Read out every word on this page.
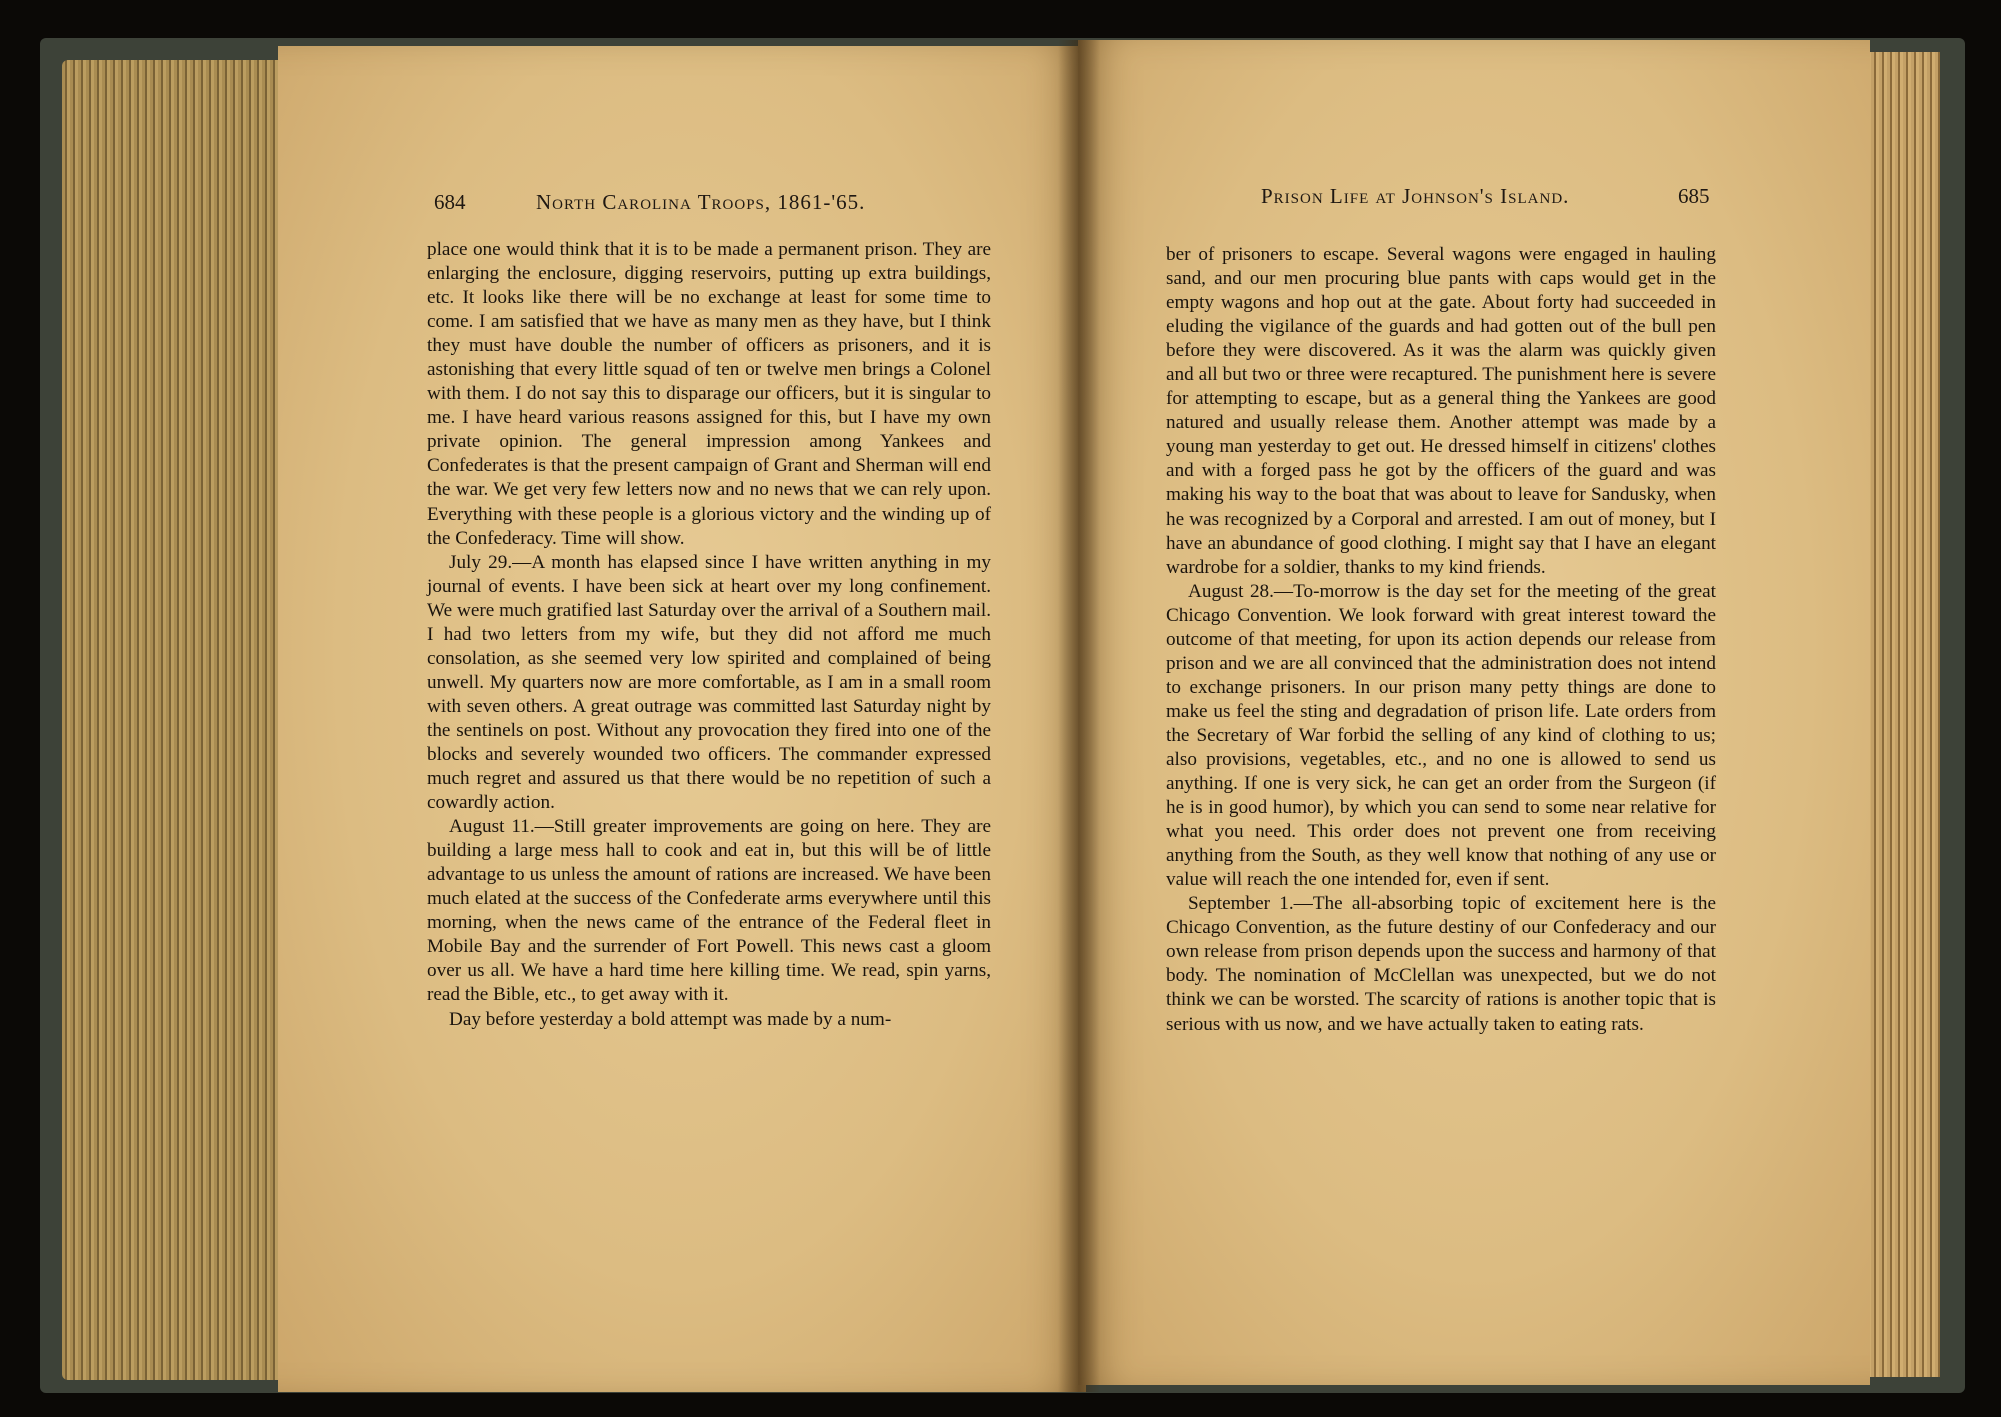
684	North Carolina Troops, 1861-'65.

place one would think that it is to be made a permanent prison. They are enlarging the enclosure, digging reservoirs, putting up extra buildings, etc. It looks like there will be no exchange at least for some time to come. I am satisfied that we have as many men as they have, but I think they must have double the number of officers as prisoners, and it is astonishing that every little squad of ten or twelve men brings a Colonel with them. I do not say this to disparage our officers, but it is singular to me. I have heard various reasons assigned for this, but I have my own private opinion. The general impression among Yankees and Confederates is that the present campaign of Grant and Sherman will end the war. We get very few letters now and no news that we can rely upon. Everything with these people is a glorious victory and the winding up of the Confederacy. Time will show.

July 29.—A month has elapsed since I have written anything in my journal of events. I have been sick at heart over my long confinement. We were much gratified last Saturday over the arrival of a Southern mail. I had two letters from my wife, but they did not afford me much consolation, as she seemed very low spirited and complained of being unwell. My quarters now are more comfortable, as I am in a small room with seven others. A great outrage was committed last Saturday night by the sentinels on post. Without any provocation they fired into one of the blocks and severely wounded two officers. The commander expressed much regret and assured us that there would be no repetition of such a cowardly action.

August 11.—Still greater improvements are going on here. They are building a large mess hall to cook and eat in, but this will be of little advantage to us unless the amount of rations are increased. We have been much elated at the success of the Confederate arms everywhere until this morning, when the news came of the entrance of the Federal fleet in Mobile Bay and the surrender of Fort Powell. This news cast a gloom over us all. We have a hard time here killing time. We read, spin yarns, read the Bible, etc., to get away with it.

Day before yesterday a bold attempt was made by a num-

Prison Life at Johnson's Island.	685

ber of prisoners to escape. Several wagons were engaged in hauling sand, and our men procuring blue pants with caps would get in the empty wagons and hop out at the gate. About forty had succeeded in eluding the vigilance of the guards and had gotten out of the bull pen before they were discovered. As it was the alarm was quickly given and all but two or three were recaptured. The punishment here is severe for attempting to escape, but as a general thing the Yankees are good natured and usually release them. Another attempt was made by a young man yesterday to get out. He dressed himself in citizens' clothes and with a forged pass he got by the officers of the guard and was making his way to the boat that was about to leave for Sandusky, when he was recognized by a Corporal and arrested. I am out of money, but I have an abundance of good clothing. I might say that I have an elegant wardrobe for a soldier, thanks to my kind friends.

August 28.—To-morrow is the day set for the meeting of the great Chicago Convention. We look forward with great interest toward the outcome of that meeting, for upon its action depends our release from prison and we are all convinced that the administration does not intend to exchange prisoners. In our prison many petty things are done to make us feel the sting and degradation of prison life. Late orders from the Secretary of War forbid the selling of any kind of clothing to us; also provisions, vegetables, etc., and no one is allowed to send us anything. If one is very sick, he can get an order from the Surgeon (if he is in good humor), by which you can send to some near relative for what you need. This order does not prevent one from receiving anything from the South, as they well know that nothing of any use or value will reach the one intended for, even if sent.

September 1.—The all-absorbing topic of excitement here is the Chicago Convention, as the future destiny of our Confederacy and our own release from prison depends upon the success and harmony of that body. The nomination of McClellan was unexpected, but we do not think we can be worsted. The scarcity of rations is another topic that is serious with us now, and we have actually taken to eating rats.
